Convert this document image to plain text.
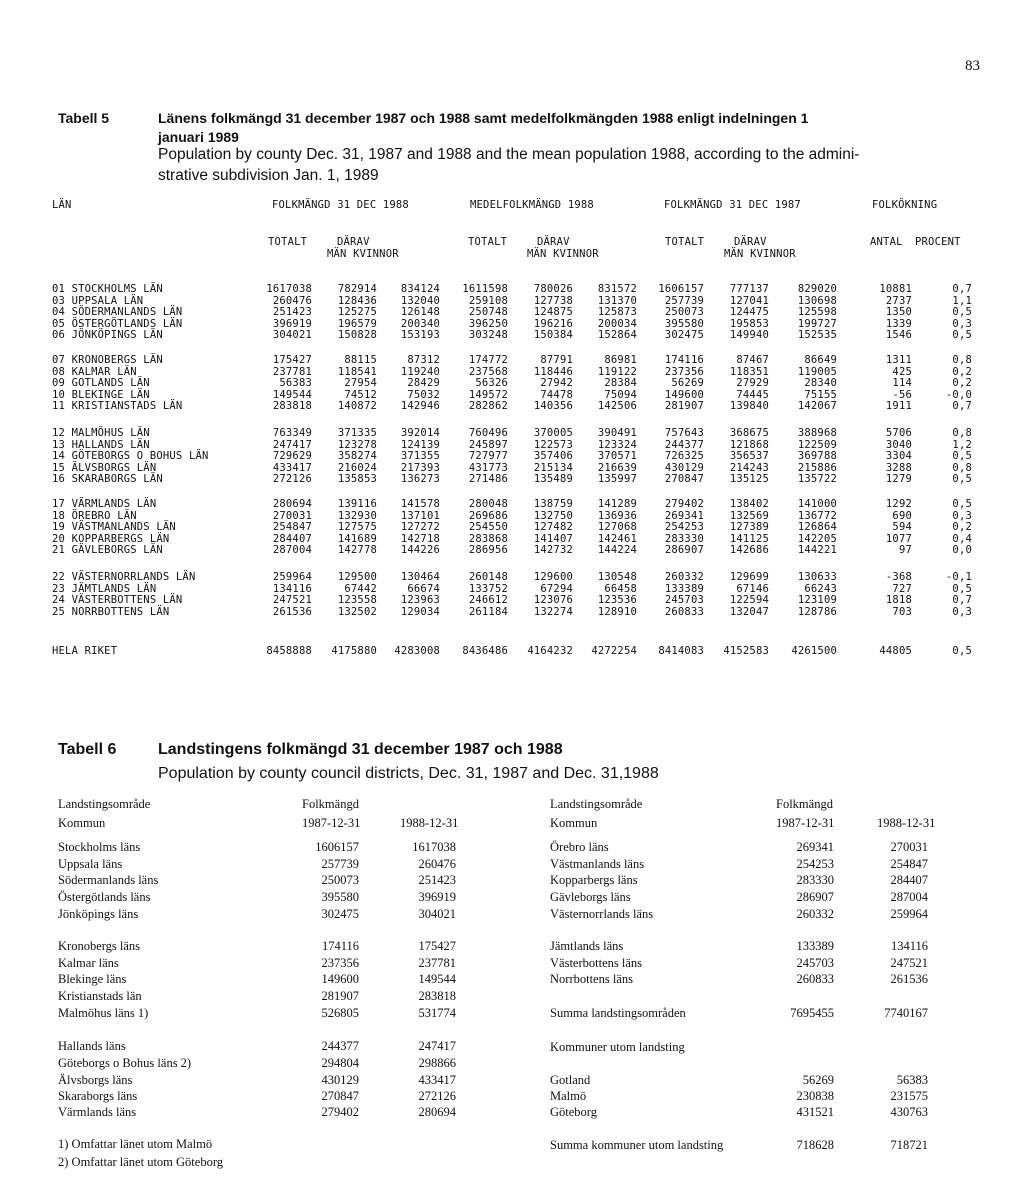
83
Tabell 5	Länens folkmängd 31 december 1987 och 1988 samt medelfolkmängden 1988 enligt indelningen 1
januari 1989
Population by county Dec. 31, 1987 and 1988 and the mean population 1988, according to the admini-
strative subdivision Jan. 1, 1989
LÄN	FOLKMÄNGD 31 DEC 1988	MEDELFOLKMÄNGD 1988	FOLKMÄNGD 31 DEC 1987	FOLKÖKNING
TOTALT	DÄRAV
MÄN KVINNOR
TOTALT	DÄRAV
MÄN KVINNOR
TOTALT	DÄRAV
MÄN KVINNOR
ANTAL PROCENT
01 STOCKHOLMS LÄN	1617038	782914	834124	1611598	780026	831572	1606157	777137	829020	10881	0,7
03 UPPSALA LÄN	260476	128436	132040	259108	127738	131370	257739	127041	130698	2737	1,1
04 SÖDERMANLANDS LÄN	251423	125275	126148	250748	124875	125873	250073	124475	125598	1350	0,5
05 ÖSTERGÖTLANDS LÄN	396919	196579	200340	396250	196216	200034	395580	195853	199727	1339	0,3
06 JÖNKÖPINGS LÄN	304021	150828	153193	303248	150384	152864	302475	149940	152535	1546	0,5
07 KRONOBERGS LÄN	175427	88115	87312	174772	87791	86981	174116	87467	86649	1311	0,8
08 KALMAR LÄN	237781	118541	119240	237568	118446	119122	237356	118351	119005	425	0,2
09 GOTLANDS LÄN	56383	27954	28429	56326	27942	28384	56269	27929	28340	114	0,2
10 BLEKINGE LÄN	149544	74512	75032	149572	74478	75094	149600	74445	75155	-56	-0,0
11 KRISTIANSTADS LÄN	283818	140872	142946	282862	140356	142506	281907	139840	142067	1911	0,7
12 MALMÖHUS LÄN	763349	371335	392014	760496	370005	390491	757643	368675	388968	5706	0,8
13 HALLANDS LÄN	247417	123278	124139	245897	122573	123324	244377	121868	122509	3040	1,2
14 GÖTEBORGS O BOHUS LÄN	729629	358274	371355	727977	357406	370571	726325	356537	369788	3304	0,5
15 ÄLVSBORGS LÄN	433417	216024	217393	431773	215134	216639	430129	214243	215886	3288	0,8
16 SKARABORGS LÄN	272126	135853	136273	271486	135489	135997	270847	135125	135722	1279	0,5
17 VÄRMLANDS LÄN	280694	139116	141578	280048	138759	141289	279402	138402	141000	1292	0,5
18 ÖREBRO LÄN	270031	132930	137101	269686	132750	136936	269341	132569	136772	690	0,3
19 VÄSTMANLANDS LÄN	254847	127575	127272	254550	127482	127068	254253	127389	126864	594	0,2
20 KOPPARBERGS LÄN	284407	141689	142718	283868	141407	142461	283330	141125	142205	1077	0,4
21 GÄVLEBORGS LÄN	287004	142778	144226	286956	142732	144224	286907	142686	144221	97	0,0
22 VÄSTERNORRLANDS LÄN	259964	129500	130464	260148	129600	130548	260332	129699	130633	-368	-0,1
23 JÄMTLANDS LÄN	134116	67442	66674	133752	67294	66458	133389	67146	66243	727	0,5
24 VÄSTERBOTTENS LÄN	247521	123558	123963	246612	123076	123536	245703	122594	123109	1818	0,7
25 NORRBOTTENS LÄN	261536	132502	129034	261184	132274	128910	260833	132047	128786	703	0,3
HELA RIKET	8458888	4175880	4283008	8436486	4164232	4272254	8414083	4152583	4261500	44805	0,5
Tabell 6	Landstingens folkmängd 31 december 1987 och 1988
Population by county council districts, Dec. 31, 1987 and Dec. 31,1988
Landstingsområde
Kommun
Folkmängd
1987-12-31	1988-12-31
Landstingsområde
Kommun
Folkmängd
1987-12-31	1988-12-31
Stockholms läns	1606157	1617038
Uppsala läns	257739	260476
Södermanlands läns	250073	251423
Östergötlands läns	395580	396919
Jönköpings läns	302475	304021
Kronobergs läns	174116	175427
Kalmar läns	237356	237781
Blekinge läns	149600	149544
Kristianstads län	281907	283818
Malmöhus läns 1)	526805	531774
Hallands läns	244377	247417
Göteborgs o Bohus läns 2)	294804	298866
Älvsborgs läns	430129	433417
Skaraborgs läns	270847	272126
Värmlands läns	279402	280694
Örebro läns	269341	270031
Västmanlands läns	254253	254847
Kopparbergs läns	283330	284407
Gävleborgs läns	286907	287004
Västernorrlands läns	260332	259964
Jämtlands läns	133389	134116
Västerbottens läns	245703	247521
Norrbottens läns	260833	261536
Summa landstingsområden	7695455	7740167
Gotland	56269	56383
Malmö	230838	231575
Göteborg	431521	430763
Summa kommuner utom landsting	718628	718721
Kommuner utom landsting
1) Omfattar länet utom Malmö
2) Omfattar länet utom Göteborg
